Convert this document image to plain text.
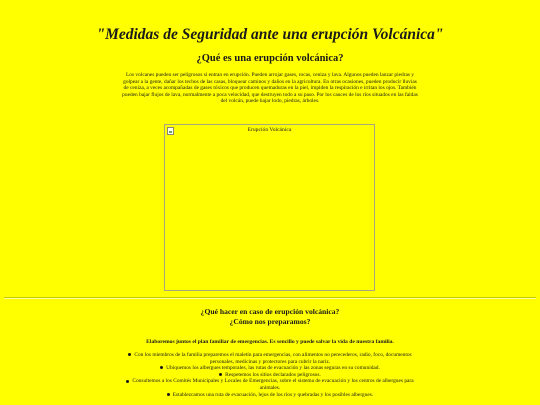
"Medidas de Seguridad ante una erupción Volcánica"
¿Qué es una erupción volcánica?

Los volcanes pueden ser peligrosos si entran en erupción. Pueden arrojar gases, rocas, ceniza y lava. Algunos pueden lanzar piedras y golpear a la gente, dañar los techos de las casas, bloquear caminos y daños en la agricultura. En otras ocasiones, pueden producir lluvias de ceniza, a veces acompañadas de gases tóxicos que producen quemaduras en la piel, impiden la respiración e irritan los ojos. También pueden bajar flujos de lava, normalmente a poca velocidad, que destruyen todo a su paso. Por los cauces de los ríos situados en las faldas del volcán, puede bajar lodo, piedras, árboles.

Erupción Volcánica
¿Qué hacer en caso de erupción volcánica?
¿Cómo nos preparamos?

Elaboremos juntos el plan familiar de emergencias. Es sencillo y puede salvar la vida de nuestra familia.

Con los miembros de la familia preparemos el maletín para emergencias, con alimentos no perecederos, radio, foco, documentos personales, medicinas y protectores para cubrir la nariz.
Ubiquemos los albergues temporales, las rutas de evacuación y las zonas seguras en su comunidad.
Respetemos los sitios declarados peligrosos.
Consultemos a los Comités Municipales y Locales de Emergencias, sobre el sistema de evacuación y los centros de albergues para animales.
Establezcamos una ruta de evacuación, lejos de los ríos y quebradas y los posibles albergues.
